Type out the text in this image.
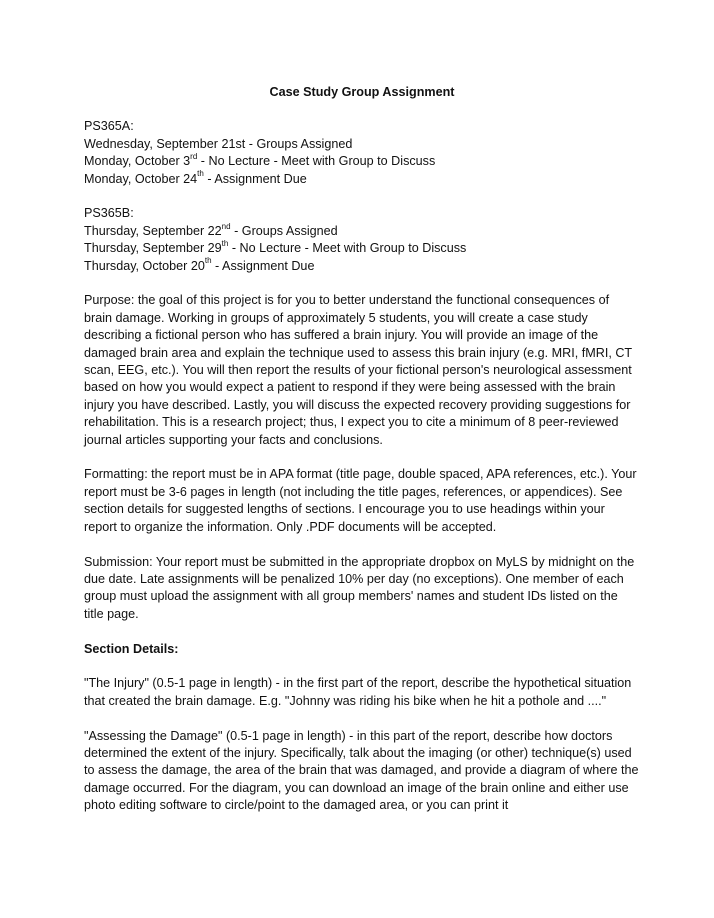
Case Study Group Assignment
PS365A:
Wednesday, September 21st - Groups Assigned
Monday, October 3rd - No Lecture - Meet with Group to Discuss
Monday, October 24th - Assignment Due
PS365B:
Thursday, September 22nd - Groups Assigned
Thursday, September 29th - No Lecture - Meet with Group to Discuss
Thursday, October 20th - Assignment Due

Purpose: the goal of this project is for you to better understand the functional consequences of brain damage. Working in groups of approximately 5 students, you will create a case study describing a fictional person who has suffered a brain injury. You will provide an image of the damaged brain area and explain the technique used to assess this brain injury (e.g. MRI, fMRI, CT scan, EEG, etc.). You will then report the results of your fictional person's neurological assessment based on how you would expect a patient to respond if they were being assessed with the brain injury you have described. Lastly, you will discuss the expected recovery providing suggestions for rehabilitation. This is a research project; thus, I expect you to cite a minimum of 8 peer-reviewed journal articles supporting your facts and conclusions.

Formatting: the report must be in APA format (title page, double spaced, APA references, etc.). Your report must be 3-6 pages in length (not including the title pages, references, or appendices). See section details for suggested lengths of sections. I encourage you to use headings within your report to organize the information. Only .PDF documents will be accepted.

Submission: Your report must be submitted in the appropriate dropbox on MyLS by midnight on the due date. Late assignments will be penalized 10% per day (no exceptions). One member of each group must upload the assignment with all group members' names and student IDs listed on the title page.

Section Details:

"The Injury" (0.5-1 page in length) - in the first part of the report, describe the hypothetical situation that created the brain damage. E.g. "Johnny was riding his bike when he hit a pothole and ...."

"Assessing the Damage" (0.5-1 page in length) - in this part of the report, describe how doctors determined the extent of the injury. Specifically, talk about the imaging (or other) technique(s) used to assess the damage, the area of the brain that was damaged, and provide a diagram of where the damage occurred. For the diagram, you can download an image of the brain online and either use photo editing software to circle/point to the damaged area, or you can print it
